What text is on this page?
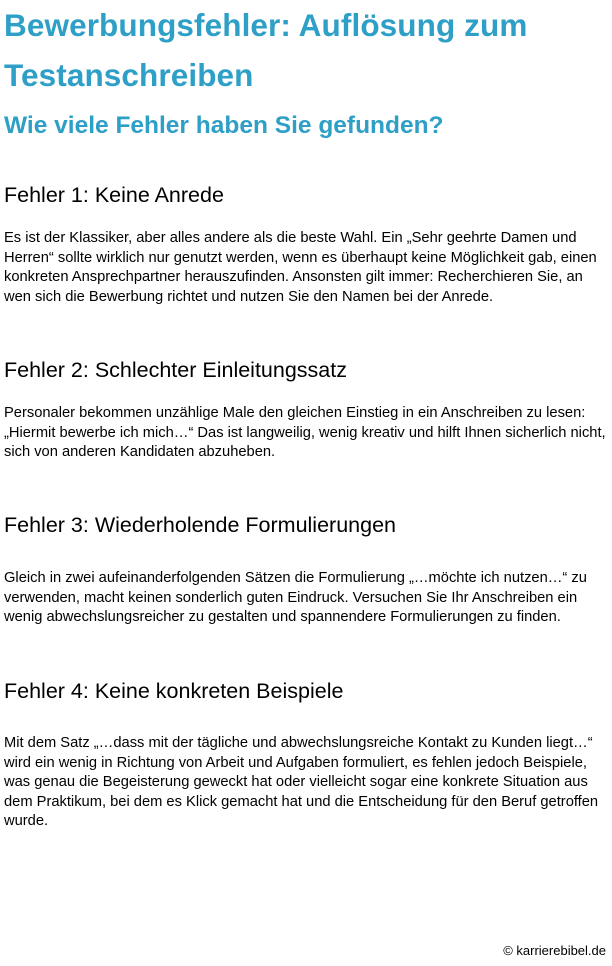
Bewerbungsfehler: Auflösung zum Testanschreiben
Wie viele Fehler haben Sie gefunden?
Fehler 1: Keine Anrede

Es ist der Klassiker, aber alles andere als die beste Wahl. Ein „Sehr geehrte Damen und Herren“ sollte wirklich nur genutzt werden, wenn es überhaupt keine Möglichkeit gab, einen konkreten Ansprechpartner herauszufinden. Ansonsten gilt immer: Recherchieren Sie, an wen sich die Bewerbung richtet und nutzen Sie den Namen bei der Anrede.

Fehler 2: Schlechter Einleitungssatz

Personaler bekommen unzählige Male den gleichen Einstieg in ein Anschreiben zu lesen: „Hiermit bewerbe ich mich…“ Das ist langweilig, wenig kreativ und hilft Ihnen sicherlich nicht, sich von anderen Kandidaten abzuheben.

Fehler 3: Wiederholende Formulierungen

Gleich in zwei aufeinanderfolgenden Sätzen die Formulierung „…möchte ich nutzen…“ zu verwenden, macht keinen sonderlich guten Eindruck. Versuchen Sie Ihr Anschreiben ein wenig abwechslungsreicher zu gestalten und spannendere Formulierungen zu finden.

Fehler 4: Keine konkreten Beispiele

Mit dem Satz „…dass mit der tägliche und abwechslungsreiche Kontakt zu Kunden liegt…“ wird ein wenig in Richtung von Arbeit und Aufgaben formuliert, es fehlen jedoch Beispiele, was genau die Begeisterung geweckt hat oder vielleicht sogar eine konkrete Situation aus dem Praktikum, bei dem es Klick gemacht hat und die Entscheidung für den Beruf getroffen wurde.

© karrierebibel.de
